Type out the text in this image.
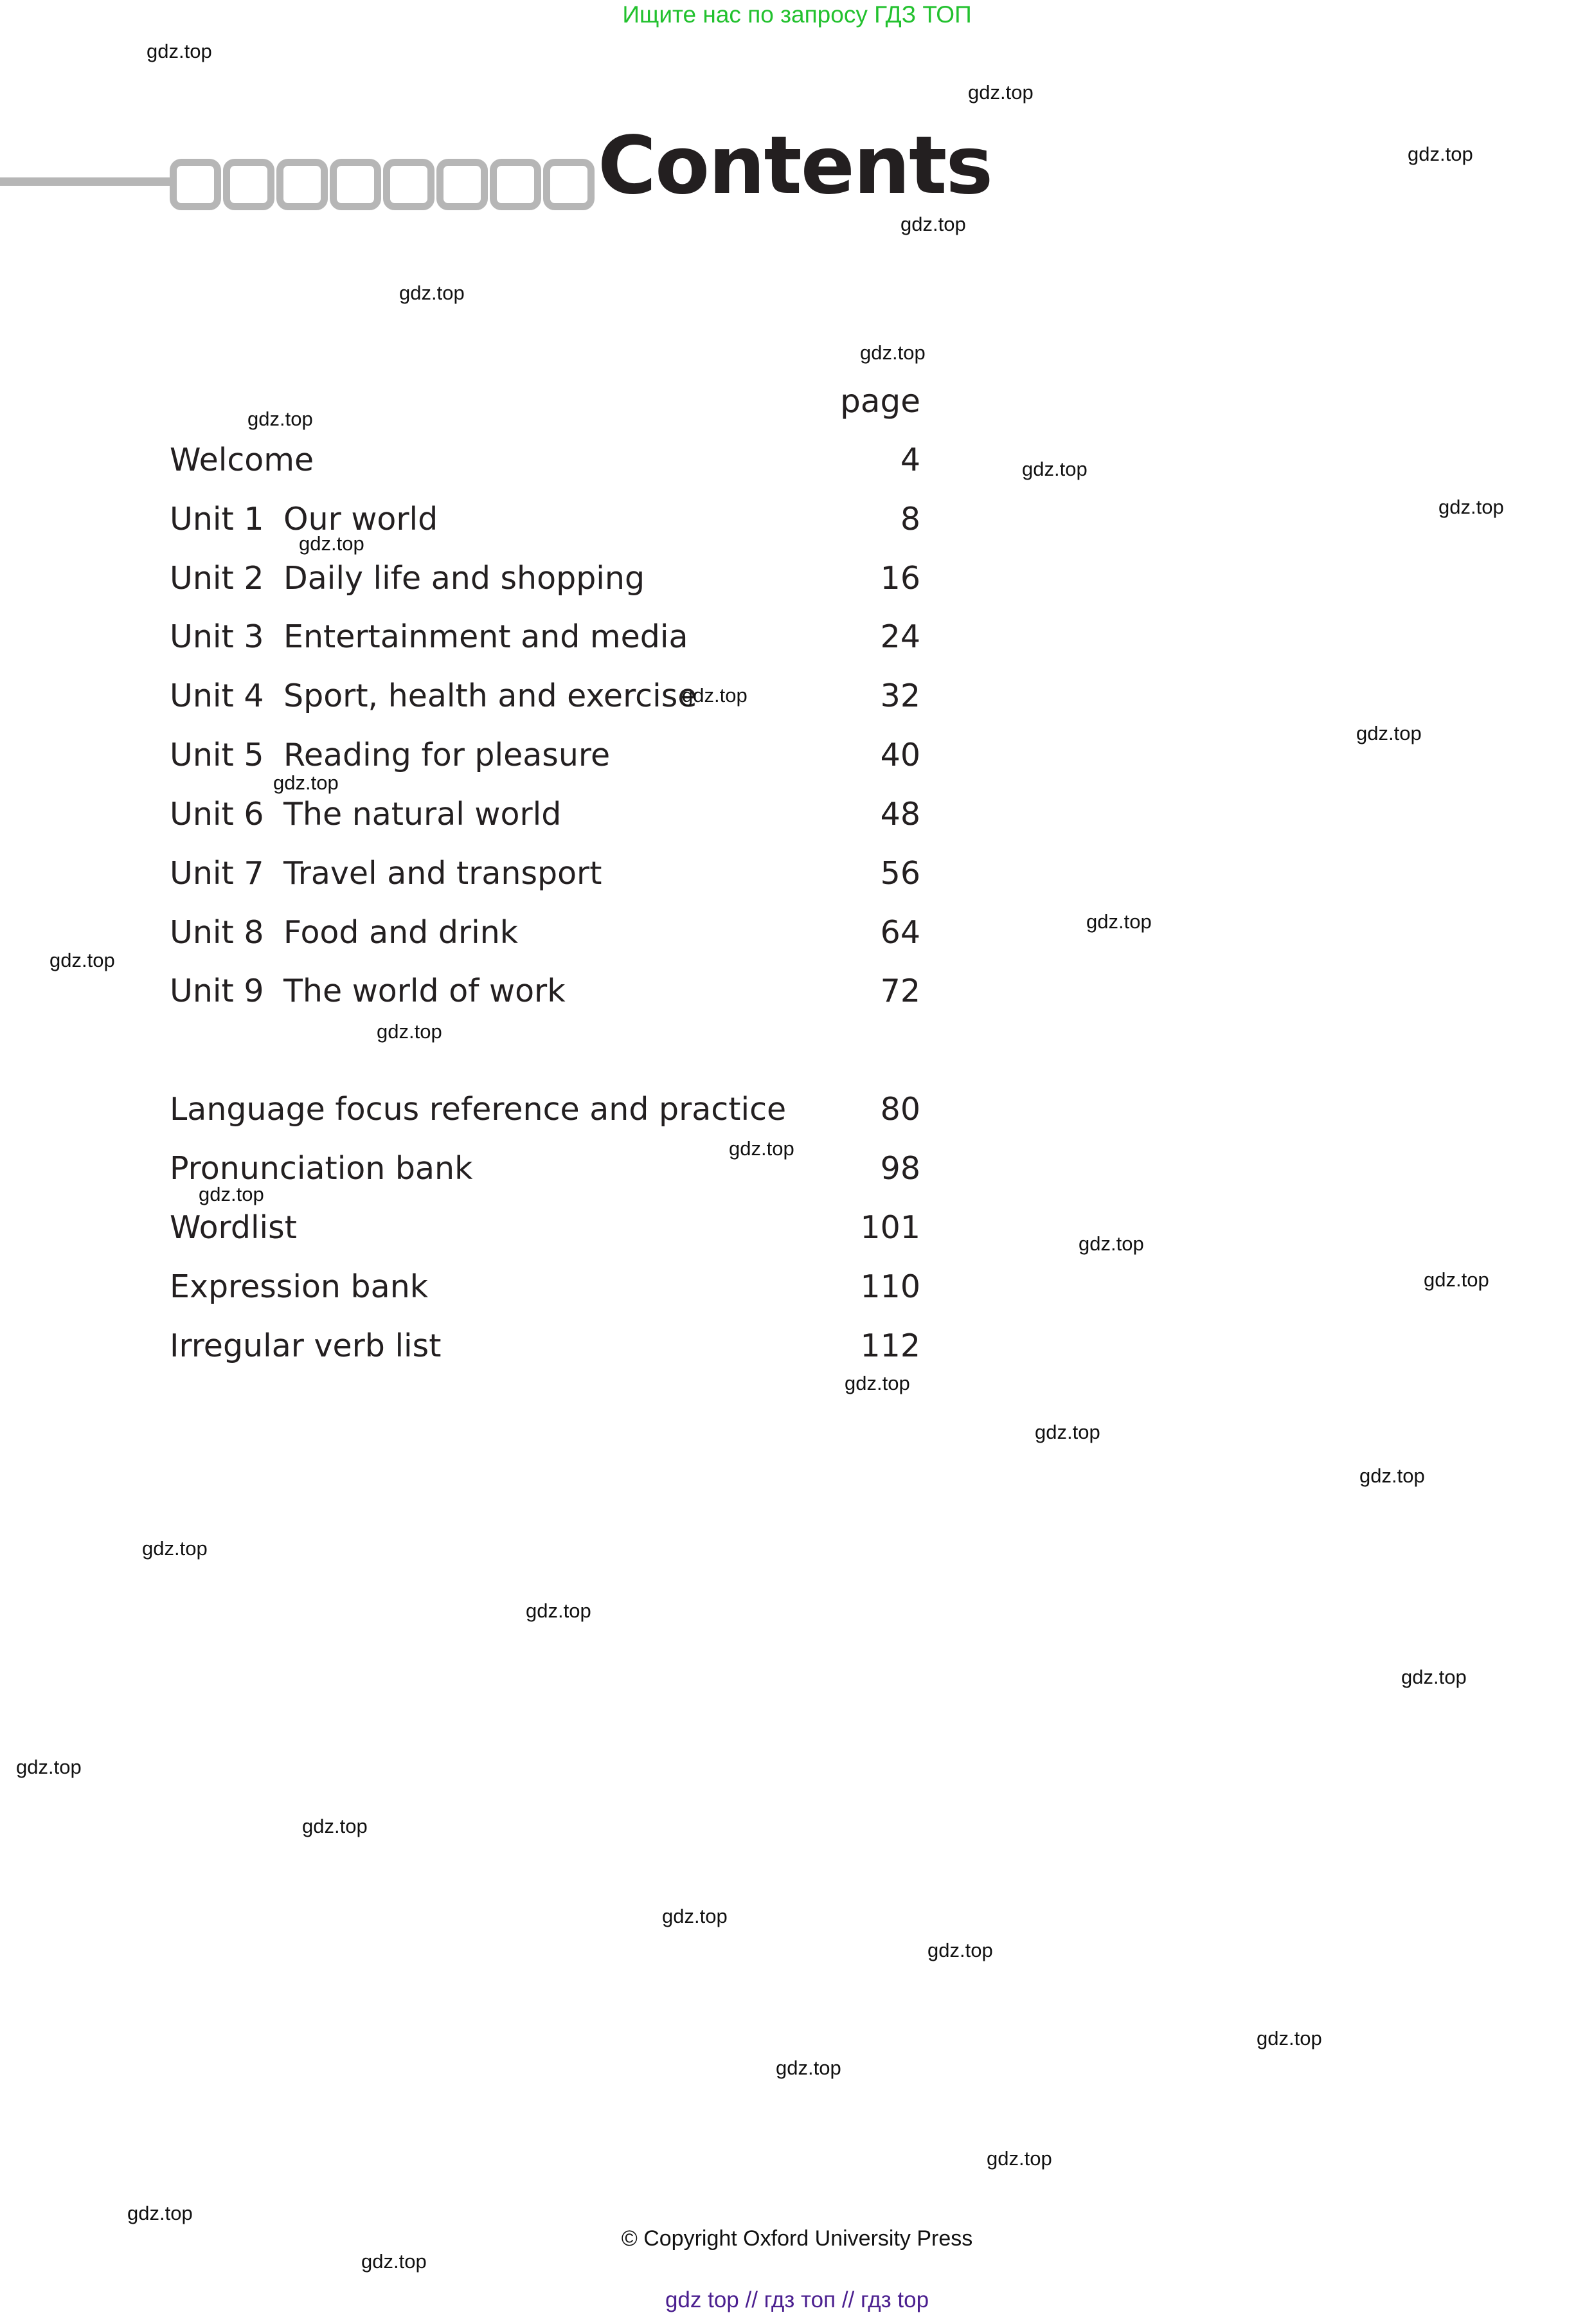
Ищите нас по запросу ГДЗ ТОП
Contents
page
Welcome	4
Unit 1 Our world	8
Unit 2 Daily life and shopping	16
Unit 3 Entertainment and media	24
Unit 4 Sport, health and exercise	32
Unit 5 Reading for pleasure	40
Unit 6 The natural world	48
Unit 7 Travel and transport	56
Unit 8 Food and drink	64
Unit 9 The world of work	72
Language focus reference and practice	80
Pronunciation bank	98
Wordlist	101
Expression bank	110
Irregular verb list	112
gdz.top
gdz.top
gdz.top
gdz.top
gdz.top
gdz.top
gdz.top
gdz.top
gdz.top
gdz.top
gdz.top
gdz.top
gdz.top
gdz.top
gdz.top
gdz.top
gdz.top
gdz.top
gdz.top
gdz.top
gdz.top
gdz.top
gdz.top
gdz.top
gdz.top
gdz.top
gdz.top
gdz.top
gdz.top
gdz.top
gdz.top
gdz.top
gdz.top
gdz.top
gdz.top
© Copyright Oxford University Press
gdz top // гдз топ // гдз top
